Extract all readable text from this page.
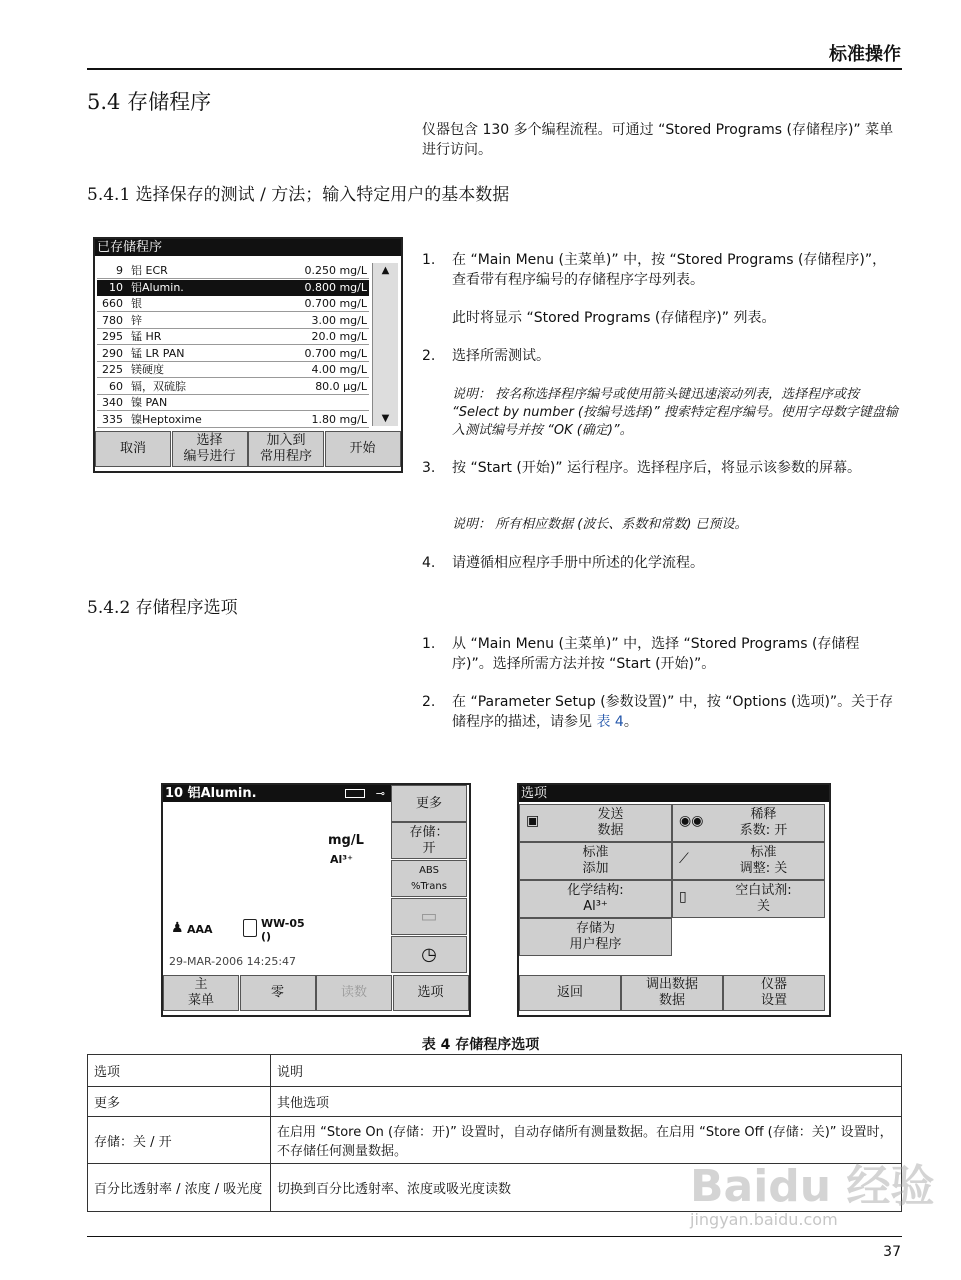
标准操作
5.4 存储程序
仪器包含 130 多个编程流程。可通过 “Stored Programs (存储程序)” 菜单进行访问。
5.4.1 选择保存的测试 / 方法；输入特定用户的基本数据
已存储程序
9 铝 ECR	0.250 mg/L
10 铝Alumin.	0.800 mg/L
660 银	0.700 mg/L
780 锌	3.00 mg/L
295 锰 HR	20.0 mg/L
290 锰 LR PAN	0.700 mg/L
225 镁硬度	4.00 mg/L
60 镉，双硫腙	80.0 μg/L
340 镍 PAN
335 镍Heptoxime	1.80 mg/L
▲
▼
取消
选择
编号进行
加入到
常用程序
开始
1. 在 “Main Menu (主菜单)” 中，按 “Stored Programs (存储程序)”，查看带有程序编号的存储程序字母列表。
此时将显示 “Stored Programs (存储程序)” 列表。
2. 选择所需测试。
说明： 按名称选择程序编号或使用箭头键迅速滚动列表，选择程序或按 “Select by number (按编号选择)” 搜索特定程序编号。使用字母数字键盘输入测试编号并按 “OK (确定)”。
3. 按 “Start (开始)” 运行程序。选择程序后，将显示该参数的屏幕。
说明： 所有相应数据 (波长、系数和常数) 已预设。
4. 请遵循相应程序手册中所述的化学流程。
5.4.2 存储程序选项
1. 从 “Main Menu (主菜单)” 中，选择 “Stored Programs (存储程序)”。选择所需方法并按 “Start (开始)”。
2. 在 “Parameter Setup (参数设置)” 中，按 “Options (选项)”。关于存储程序的描述，请参见 表 4。
10 铝Alumin.	⊸
mg/L
Al³⁺
♟ AAA	WW-05
()
29-MAR-2006 14:25:47
更多
存储：
开
ABS
%Trans
▭
◷
主
菜单
零	读数	选项
选项
▣	发送
数据
◉◉	稀释
系数: 开
标准
添加
⟋	标准
调整: 关
化学结构:
Al³⁺
▯	空白试剂:
关
存储为
用户程序
返回
调出数据
数据
仪器
设置
表 4 存储程序选项
选项	说明
更多	其他选项
存储：关 / 开	在启用 “Store On (存储：开)” 设置时，自动存储所有测量数据。在启用 “Store Off (存储：关)” 设置时，不存储任何测量数据。
百分比透射率 / 浓度 / 吸光度	切换到百分比透射率、浓度或吸光度读数	Baidu 经验
jingyan.baidu.com
37
